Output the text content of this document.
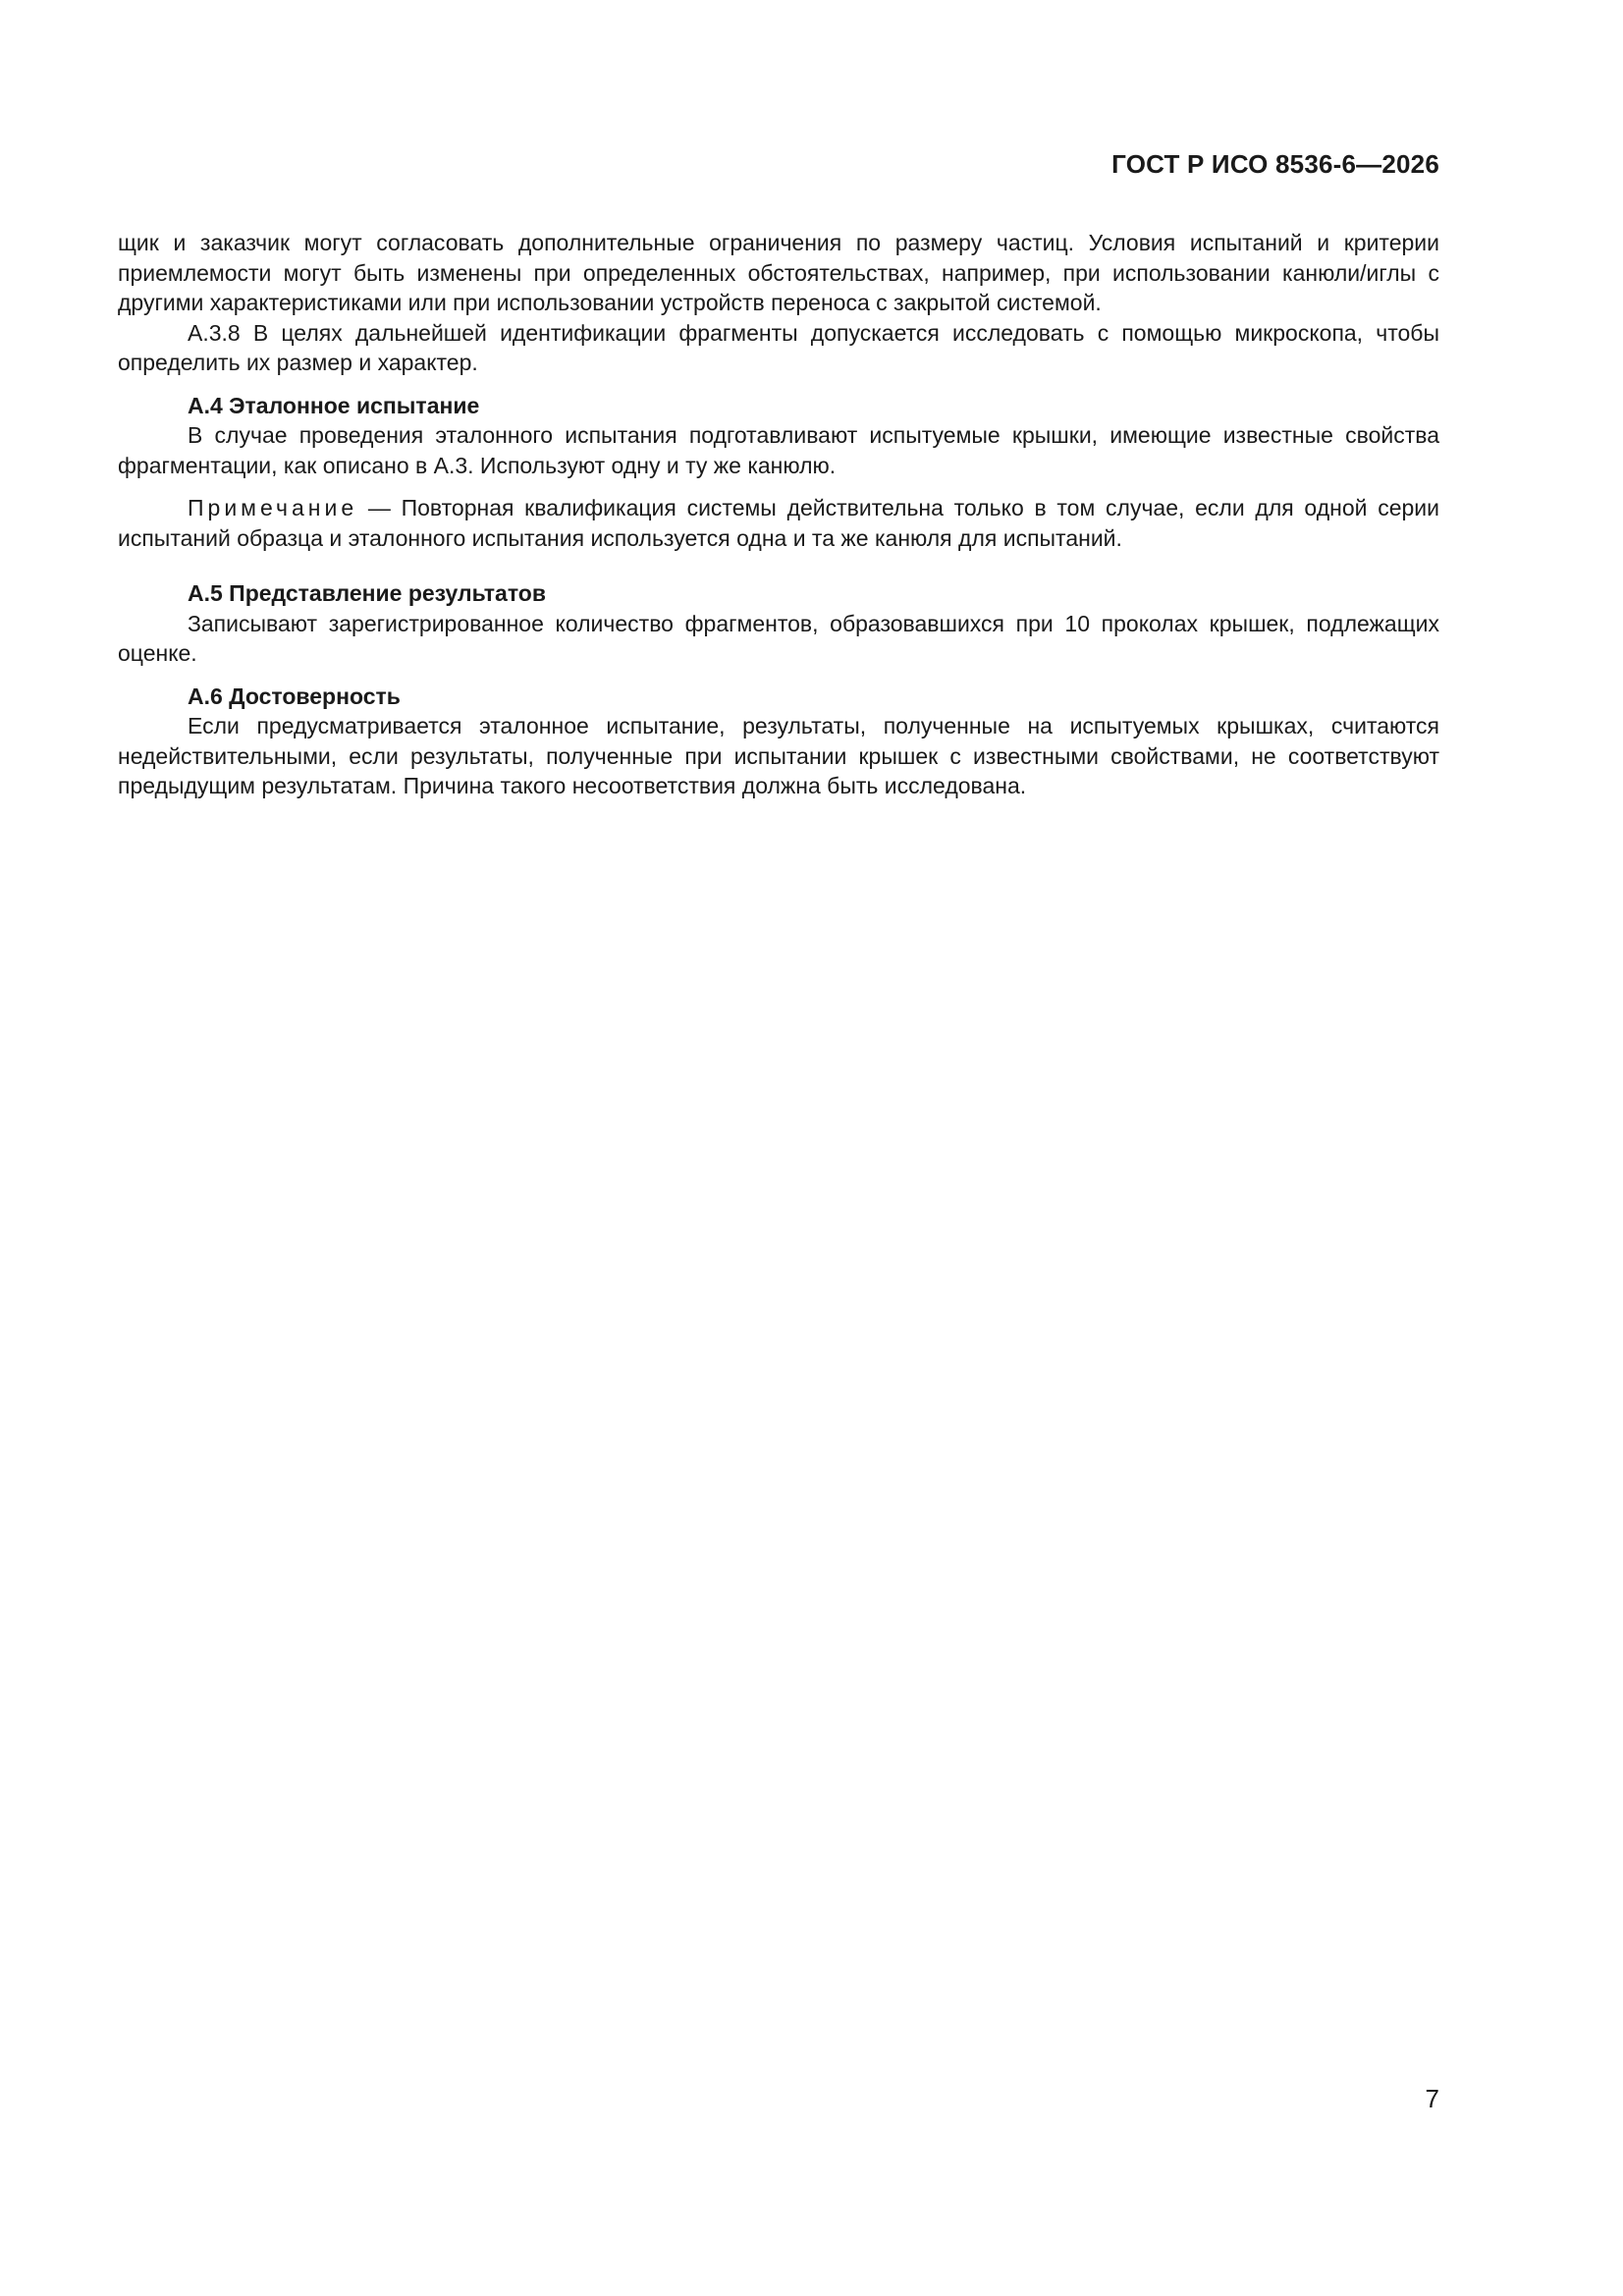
ГОСТ Р ИСО 8536-6—2026

щик и заказчик могут согласовать дополнительные ограничения по размеру частиц. Условия испытаний и критерии приемлемости могут быть изменены при определенных обстоятельствах, например, при использовании канюли/иглы с другими характеристиками или при использовании устройств переноса с закрытой системой.

А.3.8 В целях дальнейшей идентификации фрагменты допускается исследовать с помощью микроскопа, чтобы определить их размер и характер.

А.4 Эталонное испытание

В случае проведения эталонного испытания подготавливают испытуемые крышки, имеющие известные свойства фрагментации, как описано в А.3. Используют одну и ту же канюлю.

Примечание — Повторная квалификация системы действительна только в том случае, если для одной серии испытаний образца и эталонного испытания используется одна и та же канюля для испытаний.

А.5 Представление результатов

Записывают зарегистрированное количество фрагментов, образовавшихся при 10 проколах крышек, подлежащих оценке.

А.6 Достоверность

Если предусматривается эталонное испытание, результаты, полученные на испытуемых крышках, считаются недействительными, если результаты, полученные при испытании крышек с известными свойствами, не соответствуют предыдущим результатам. Причина такого несоответствия должна быть исследована.

7
